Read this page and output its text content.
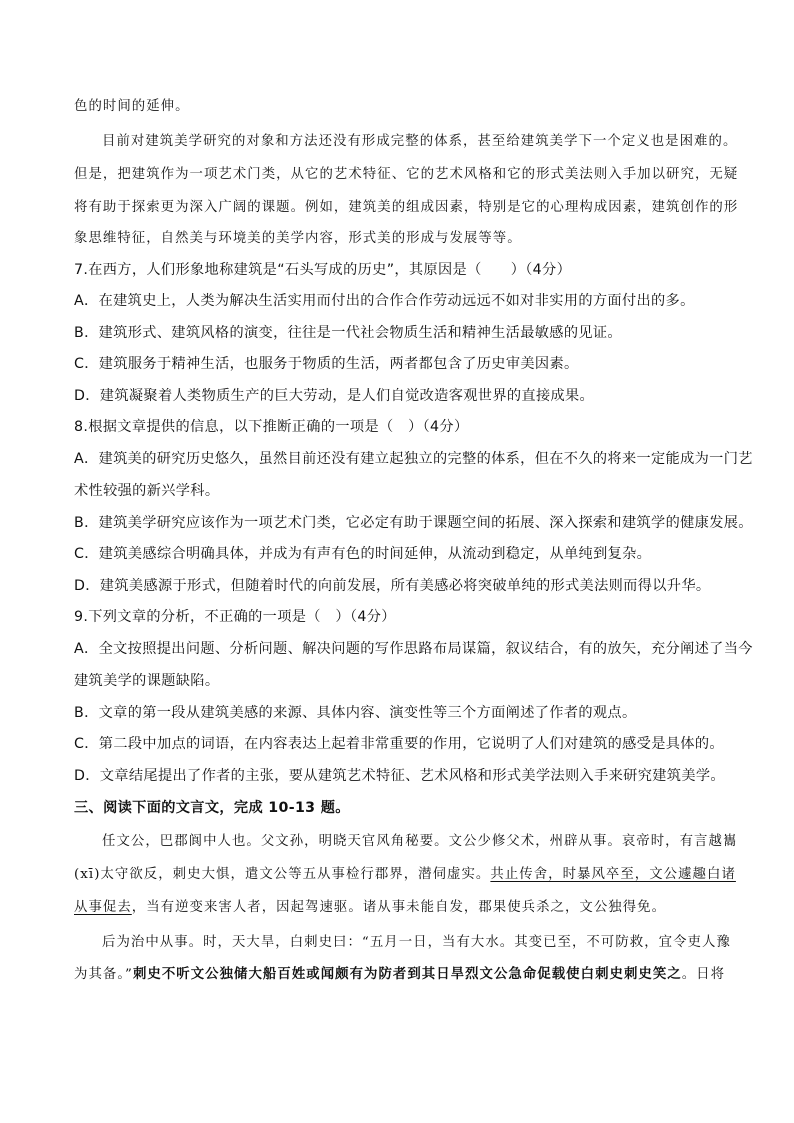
色的时间的延伸。
目前对建筑美学研究的对象和方法还没有形成完整的体系，甚至给建筑美学下一个定义也是困难的。
但是，把建筑作为一项艺术门类，从它的艺术特征、它的艺术风格和它的形式美法则入手加以研究，无疑
将有助于探索更为深入广阔的课题。例如，建筑美的组成因素，特别是它的心理构成因素，建筑创作的形
象思维特征，自然美与环境美的美学内容，形式美的形成与发展等等。
7.在西方，人们形象地称建筑是“石头写成的历史”，其原因是（　　）（4分）
A．在建筑史上，人类为解决生活实用而付出的合作合作劳动远远不如对非实用的方面付出的多。
B．建筑形式、建筑风格的演变，往往是一代社会物质生活和精神生活最敏感的见证。
C．建筑服务于精神生活，也服务于物质的生活，两者都包含了历史审美因素。
D．建筑凝聚着人类物质生产的巨大劳动，是人们自觉改造客观世界的直接成果。
8.根据文章提供的信息，以下推断正确的一项是（　）（4分）
A．建筑美的研究历史悠久，虽然目前还没有建立起独立的完整的体系，但在不久的将来一定能成为一门艺
术性较强的新兴学科。
B．建筑美学研究应该作为一项艺术门类，它必定有助于课题空间的拓展、深入探索和建筑学的健康发展。
C．建筑美感综合明确具体，并成为有声有色的时间延伸，从流动到稳定，从单纯到复杂。
D．建筑美感源于形式，但随着时代的向前发展，所有美感必将突破单纯的形式美法则而得以升华。
9.下列文章的分析，不正确的一项是（　）（4分）
A．全文按照提出问题、分析问题、解决问题的写作思路布局谋篇，叙议结合，有的放矢，充分阐述了当今
建筑美学的课题缺陷。
B．文章的第一段从建筑美感的来源、具体内容、演变性等三个方面阐述了作者的观点。
C．第二段中加点的词语，在内容表达上起着非常重要的作用，它说明了人们对建筑的感受是具体的。
D．文章结尾提出了作者的主张，要从建筑艺术特征、艺术风格和形式美学法则入手来研究建筑美学。
三、阅读下面的文言文，完成 10-13 题。
任文公，巴郡阆中人也。父文孙，明晓天官风角秘要。文公少修父术，州辟从事。哀帝时，有言越巂
(xī)太守欲反，刺史大惧，遣文公等五从事检行郡界，潜伺虚实。共止传舍，时暴风卒至，文公遽趣白诸
从事促去，当有逆变来害人者，因起驾速驱。诸从事未能自发，郡果使兵杀之，文公独得免。
后为治中从事。时，天大旱，白刺史曰：“五月一日，当有大水。其变已至，不可防救，宜令吏人豫
为其备。”刺史不听文公独储大船百姓或闻颇有为防者到其日旱烈文公急命促载使白刺史刺史笑之。日将
